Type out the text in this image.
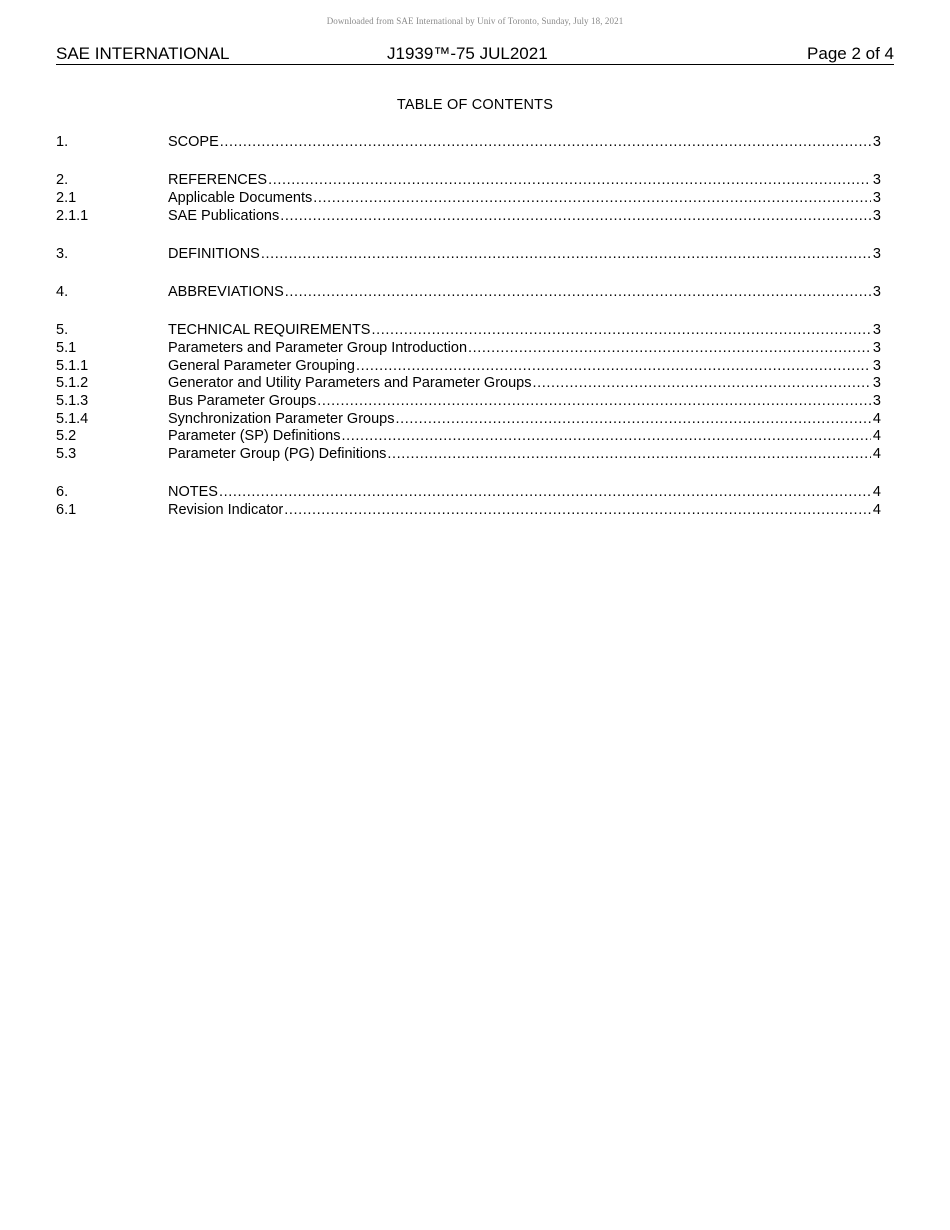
Downloaded from SAE International by Univ of Toronto, Sunday, July 18, 2021
SAE INTERNATIONAL	J1939™-75 JUL2021	Page 2 of 4
TABLE OF CONTENTS
1.	SCOPE .....	3
2.	REFERENCES .....	3
2.1	Applicable Documents .....	3
2.1.1	SAE Publications .....	3
3.	DEFINITIONS .....	3
4.	ABBREVIATIONS .....	3
5.	TECHNICAL REQUIREMENTS .....	3
5.1	Parameters and Parameter Group Introduction .....	3
5.1.1	General Parameter Grouping .....	3
5.1.2	Generator and Utility Parameters and Parameter Groups .....	3
5.1.3	Bus Parameter Groups .....	3
5.1.4	Synchronization Parameter Groups .....	4
5.2	Parameter (SP) Definitions .....	4
5.3	Parameter Group (PG) Definitions .....	4
6.	NOTES .....	4
6.1	Revision Indicator .....	4
